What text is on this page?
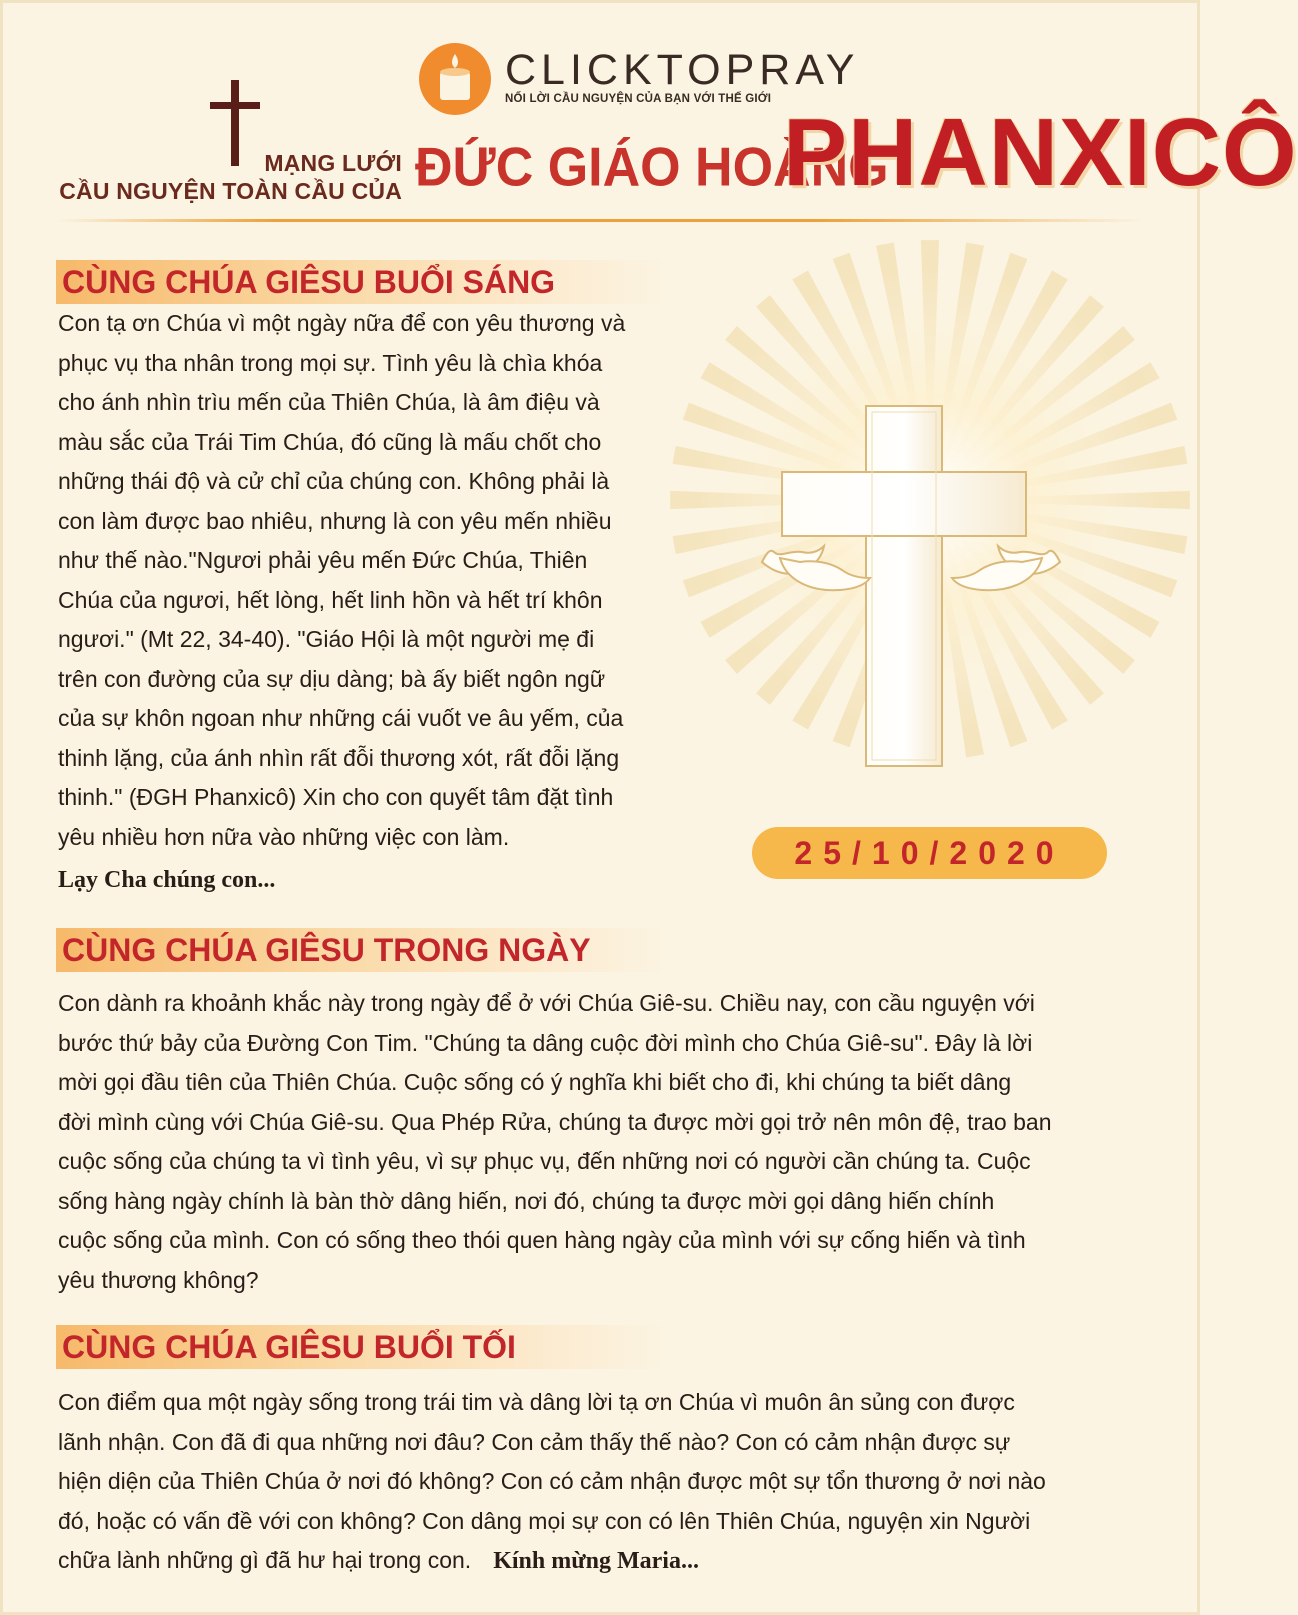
MẠNG LƯỚI
CẦU NGUYỆN TOÀN CẦU CỦA
CLICKTOPRAY
NỐI LỜI CẦU NGUYỆN CỦA BẠN VỚI THẾ GIỚI
ĐỨC GIÁO HOÀNG
PHANXICÔ
25/10/2020
CÙNG CHÚA GIÊSU BUỔI SÁNG
Con tạ ơn Chúa vì một ngày nữa để con yêu thương và
phục vụ tha nhân trong mọi sự. Tình yêu là chìa khóa
cho ánh nhìn trìu mến của Thiên Chúa, là âm điệu và
màu sắc của Trái Tim Chúa, đó cũng là mấu chốt cho
những thái độ và cử chỉ của chúng con. Không phải là
con làm được bao nhiêu, nhưng là con yêu mến nhiều
như thế nào."Ngươi phải yêu mến Đức Chúa, Thiên
Chúa của ngươi, hết lòng, hết linh hồn và hết trí khôn
ngươi." (Mt 22, 34-40). "Giáo Hội là một người mẹ đi
trên con đường của sự dịu dàng; bà ấy biết ngôn ngữ
của sự khôn ngoan như những cái vuốt ve âu yếm, của
thinh lặng, của ánh nhìn rất đỗi thương xót, rất đỗi lặng
thinh." (ĐGH Phanxicô) Xin cho con quyết tâm đặt tình
yêu nhiều hơn nữa vào những việc con làm.
Lạy Cha chúng con...
CÙNG CHÚA GIÊSU TRONG NGÀY
Con dành ra khoảnh khắc này trong ngày để ở với Chúa Giê-su. Chiều nay, con cầu nguyện với
bước thứ bảy của Đường Con Tim. "Chúng ta dâng cuộc đời mình cho Chúa Giê-su". Đây là lời
mời gọi đầu tiên của Thiên Chúa. Cuộc sống có ý nghĩa khi biết cho đi, khi chúng ta biết dâng
đời mình cùng với Chúa Giê-su. Qua Phép Rửa, chúng ta được mời gọi trở nên môn đệ, trao ban
cuộc sống của chúng ta vì tình yêu, vì sự phục vụ, đến những nơi có người cần chúng ta. Cuộc
sống hàng ngày chính là bàn thờ dâng hiến, nơi đó, chúng ta được mời gọi dâng hiến chính
cuộc sống của mình. Con có sống theo thói quen hàng ngày của mình với sự cống hiến và tình
yêu thương không?
CÙNG CHÚA GIÊSU BUỔI TỐI
Con điểm qua một ngày sống trong trái tim và dâng lời tạ ơn Chúa vì muôn ân sủng con được
lãnh nhận. Con đã đi qua những nơi đâu? Con cảm thấy thế nào? Con có cảm nhận được sự
hiện diện của Thiên Chúa ở nơi đó không? Con có cảm nhận được một sự tổn thương ở nơi nào
đó, hoặc có vấn đề với con không? Con dâng mọi sự con có lên Thiên Chúa, nguyện xin Người
chữa lành những gì đã hư hại trong con. Kính mừng Maria...
